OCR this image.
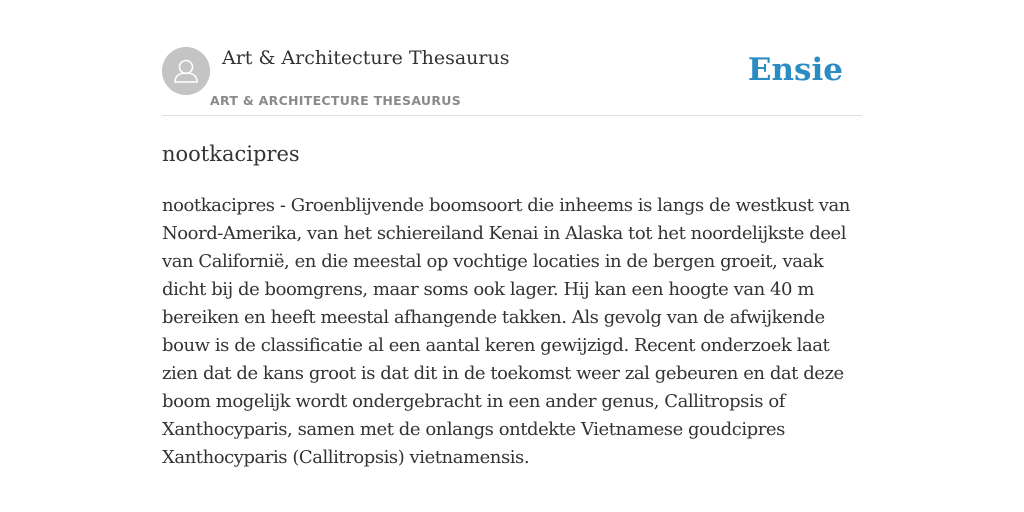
Art & Architecture Thesaurus
ART & ARCHITECTURE THESAURUS
Ensie
nootkacipres

nootkacipres - Groenblijvende boomsoort die inheems is langs de westkust van Noord-Amerika, van het schiereiland Kenai in Alaska tot het noordelijkste deel van Californië, en die meestal op vochtige locaties in de bergen groeit, vaak dicht bij de boomgrens, maar soms ook lager. Hij kan een hoogte van 40 m bereiken en heeft meestal afhangende takken. Als gevolg van de afwijkende bouw is de classificatie al een aantal keren gewijzigd. Recent onderzoek laat zien dat de kans groot is dat dit in de toekomst weer zal gebeuren en dat deze boom mogelijk wordt ondergebracht in een ander genus, Callitropsis of Xanthocyparis, samen met de onlangs ontdekte Vietnamese goudcipres Xanthocyparis (Callitropsis) vietnamensis.
